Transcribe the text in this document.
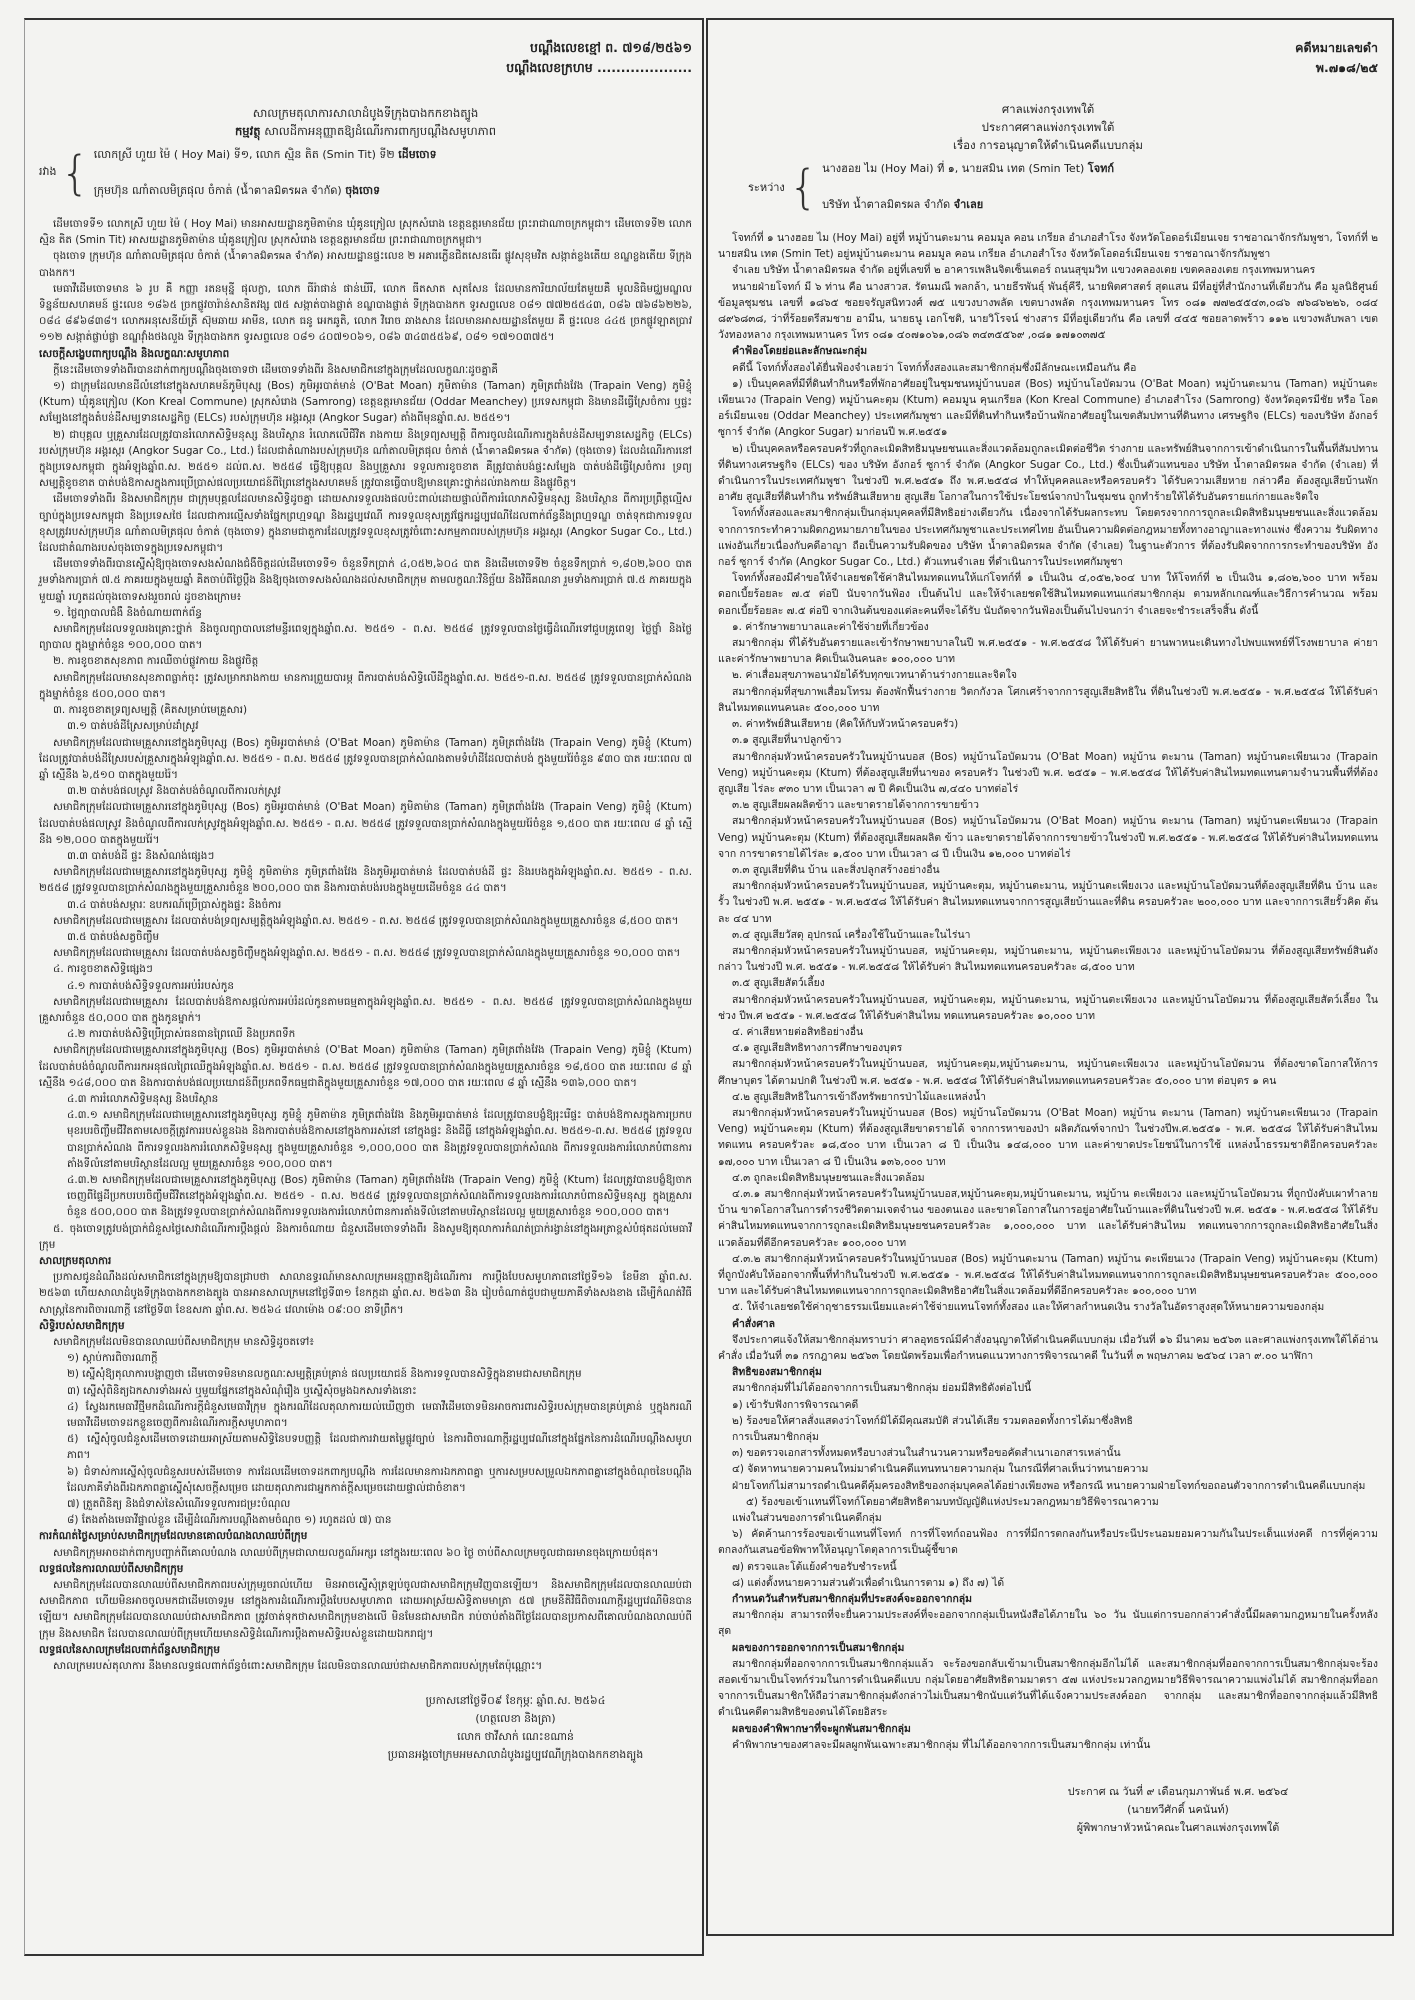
បណ្តឹងលេខខ្មៅ ព. ៧១៨/២៥៦១
បណ្តឹងលេខក្រហម ....................
សាលក្រមតុលាការសាលាដំបូងទីក្រុងបាងកកខាងត្បូង
កម្មវត្ថុ សាលដីកាអនុញ្ញាតឱ្យដំណើរការពាក្យបណ្តឹងសមូហភាព
រវាង { លោកស្រី ហួយ ម៉ៃ ( Hoy Mai) ទី១, លោក ស្មិន តិត (Smin Tit) ទី២ ដើមចោទ
ក្រុមហ៊ុន ណាំតាលមិត្រផុល ចំកាត់ (น้ำตาลมิตรผล จำกัด) ចុងចោទ

ដើមចោទទី១ លោកស្រី ហួយ ម៉ៃ ( Hoy Mai) មានអាសយដ្ឋានភូមិតាម៉ាន ឃុំគូនក្រៀល ស្រុកសំរោង ខេត្តឧត្តរមានជ័យ ព្រះរាជាណាចក្រកម្ពុជា។ ដើមចោទទី២ លោក ស្មិន តិត (Smin Tit) អាសយដ្ឋានភូមិតាម៉ាន ឃុំគូនក្រៀល ស្រុកសំរោង ខេត្តឧត្តរមានជ័យ ព្រះរាជាណាចក្រកម្ពុជា។

ចុងចោទ ក្រុមហ៊ុន ណាំតាលមិត្រផុល ចំកាត់ (น้ำตาลมิตรผล จำกัด) អាសយដ្ឋានផ្ទះលេខ ២ អគារភ្លើនជិតសេនធើរ ផ្លូវសុខុមវិត សង្កាត់ខ្លងតើយ ខណ្ឌខ្លងតើយ ទីក្រុងបាងកក។

មេធាវីដើមចោទមាន ៦ រូប គឺ កញ្ញា រតនមុន្នី ផុលក្លា, លោក ធីរ៉ាផាន់ ផាន់ឃីរី, លោក ធីតសាត សុតសែន ដែលមានការិយាល័យតែមួយគឺ មូលនិធិមជ្ឈមណ្ឌលទិន្នន័យសហគមន៍ ផ្ទះលេខ ១៨៦៥ ច្រកផ្លូវចារ៉ាន់សានិតវង្ស ៧៥ សង្កាត់បាងផ្លាត់ ខណ្ឌបាងផ្លាត់ ទីក្រុងបាងកក ទូរសព្ទលេខ ០៨១ ៧៧២៥៥៤៣, ០៨៦ ៧៦៨៦២២៦, ០៨៤ ៨៩៦៨៣៨។ លោកអនុសេនីយ៍ត្រី ស៊ុមឆាយ អាមីន, លោក ធនូ អេកឆូតិ, លោក វិរោច ឆាងសាន ដែលមានអាសយដ្ឋានតែមួយ គឺ ផ្ទះលេខ ៤៤៥ ច្រកផ្លូវឡាតប្រាវ ១១២ សង្កាត់ផ្លាប់ផ្លា ខណ្ឌវ៉ាំងថងលួង ទីក្រុងបាងកក ទូរសព្ទលេខ ០៨១ ៤០៧១០៦១, ០៨៦ ៣៤៣៥៥៦៩, ០៨១ ១៧១០៣៧៥។

សេចក្តីសង្ខេបពាក្យបណ្តឹង និងលក្ខណៈសមូហភាព

ក្តីនេះដើមចោទទាំងពីរបានដាក់ពាក្យបណ្តឹងចុងចោទថា ដើមចោទទាំងពីរ និងសមាជិកនៅក្នុងក្រុមដែលលក្ខណៈដូចគ្នាគឺ

១) ជាក្រុមដែលមានដីលំនៅនៅក្នុងសហគមន៍ភូមិបុស្ស (Bos) ភូមិអូរបាត់មាន់ (O'Bat Moan) ភូមិតាម៉ាន (Taman) ភូមិត្រពាំងវែង (Trapain Veng) ភូមិខ្ទុំ (Ktum) ឃុំគូនក្រៀល (Kon Kreal Commune) ស្រុកសំរោង (Samrong) ខេត្តឧត្តរមានជ័យ (Oddar Meanchey) ប្រទេសកម្ពុជា និងមានដីធ្វើស្រែចំការ ឬផ្ទះសម្បែងនៅក្នុងតំបន់ដីសម្បទានសេដ្ឋកិច្ច (ELCs) របស់ក្រុមហ៊ុន អង្គរស្ករ (Angkor Sugar) តាំងពីមុនឆ្នាំព.ស. ២៥៥១។

២) ជាបុគ្គល ឬគ្រួសារដែលត្រូវបានរំលោភសិទ្ធិមនុស្ស និងបរិស្ថាន រំលោភលើជីវិត រាងកាយ និងទ្រព្យសម្បត្តិ ពីការចូលដំណើរការក្នុងតំបន់ដីសម្បទានសេដ្ឋកិច្ច (ELCs) របស់ក្រុមហ៊ុន អង្គរស្ករ (Angkor Sugar Co., Ltd.) ដែលជាតំណាងរបស់ក្រុមហ៊ុន ណាំតាលមិត្រផុល ចំកាត់ (น้ำตาลมิตรผล จำกัด) (ចុងចោទ) ដែលដំណើរការនៅក្នុងប្រទេសកម្ពុជា ក្នុងអំឡុងឆ្នាំព.ស. ២៥៥១ ដល់ព.ស. ២៥៥៨ ធ្វើឱ្យបុគ្គល និងឬគ្រួសារ ទទួលការខូចខាត គឺត្រូវបាត់បង់ផ្ទះសម្បែង បាត់បង់ដីធ្វើស្រែចំការ ទ្រព្យសម្បត្តិខូចខាត បាត់បង់ឱកាសក្នុងការប្រើប្រាស់ផលប្រយោជន៍ពីព្រៃនៅក្នុងសហគមន៍ ត្រូវបានធ្វើបាបឱ្យមានគ្រោះថ្នាក់ដល់រាងកាយ និងផ្លូវចិត្ត។

ដើមចោទទាំងពីរ និងសមាជិកក្រុម ជាក្រុមបុគ្គលដែលមានសិទ្ធិដូចគ្នា ដោយសារទទួលរងផលប៉ះពាល់ដោយផ្ទាល់ពីការរំលោភសិទ្ធិមនុស្ស និងបរិស្ថាន ពីការប្រព្រឹត្តល្មើសច្បាប់ក្នុងប្រទេសកម្ពុជា និងប្រទេសថៃ ដែលជាការល្មើសទាំងផ្នែកព្រហ្មទណ្ឌ និងរដ្ឋប្បវេណី ការទទួលខុសត្រូវផ្នែករដ្ឋប្បវេណីដែលពាក់ព័ន្ធនឹងព្រហ្មទណ្ឌ ចាត់ទុកជាការទទួលខុសត្រូវរបស់ក្រុមហ៊ុន ណាំតាលមិត្រផុល ចំកាត់ (ចុងចោទ) ក្នុងនាមជាតួការដែលត្រូវទទួលខុសត្រូវចំពោះសកម្មភាពរបស់ក្រុមហ៊ុន អង្គរស្ករ (Angkor Sugar Co., Ltd.) ដែលជាតំណាងរបស់ចុងចោទក្នុងប្រទេសកម្ពុជា។

ដើមចោទទាំងពីរបានស្នើសុំឱ្យចុងចោទសងសំណងជំងឺចិត្តដល់ដើមចោទទី១ ចំនួនទឹកប្រាក់ ៤,០៥២,៦០៤ បាត និងដើមចោទទី២ ចំនួនទឹកប្រាក់ ១,៨០២,៦០០ បាត រួមទាំងការប្រាក់ ៧.៥ ភាគរយក្នុងមួយឆ្នាំ គិតចាប់ពីថ្ងៃប្តឹង និងឱ្យចុងចោទសងសំណងដល់សមាជិកក្រុម តាមលក្ខណៈវិនិច្ឆ័យ និងវិធីគណនា រួមទាំងការប្រាក់ ៧.៥ ភាគរយក្នុងមួយឆ្នាំ រហូតដល់ចុងចោទសងរួចរាល់ ដូចខាងក្រោម៖

១. ថ្លៃព្យាបាលជំងឺ និងចំណាយពាក់ព័ន្ធ

សមាជិកក្រុមដែលទទួលរងគ្រោះថ្នាក់ និងចូលព្យាបាលនៅមន្ទីរពេទ្យក្នុងឆ្នាំព.ស. ២៥៥១ - ព.ស. ២៥៥៨ ត្រូវទទួលបានថ្លៃធ្វើដំណើរទៅជួបគ្រូពេទ្យ ថ្លៃថ្នាំ និងថ្លៃព្យាបាល ក្នុងម្នាក់ចំនួន ១០០,០០០ បាត។

២. ការខូចខាតសុខភាព ការឈឺចាប់ផ្លូវកាយ និងផ្លូវចិត្ត

សមាជិកក្រុមដែលមានសុខភាពធ្លាក់ចុះ ត្រូវសម្រាករាងកាយ មានការព្រួយបារម្ភ ពីការបាត់បង់សិទ្ធិលើដីក្នុងឆ្នាំព.ស. ២៥៥១-ព.ស. ២៥៥៨ ត្រូវទទួលបានប្រាក់សំណងក្នុងម្នាក់ចំនួន ៥០០,០០០ បាត។

៣. ការខូចខាតទ្រព្យសម្បត្តិ (គិតសម្រាប់មេគ្រួសារ)

៣.១ បាត់បង់ដីស្រែសម្រាប់ដាំស្រូវ

សមាជិកក្រុមដែលជាមេគ្រួសារនៅក្នុងភូមិបុស្ស (Bos) ភូមិអូរបាត់មាន់ (O'Bat Moan) ភូមិតាម៉ាន (Taman) ភូមិត្រពាំងវែង (Trapain Veng) ភូមិខ្ទុំ (Ktum) ដែលត្រូវបាត់បង់ដីស្រែរបស់គ្រួសារក្នុងអំឡុងឆ្នាំព.ស. ២៥៥១ - ព.ស. ២៥៥៨ ត្រូវទទួលបានប្រាក់សំណងតាមទំហំដីដែលបាត់បង់ ក្នុងមួយរ៉ៃចំនួន ៩៣០ បាត រយៈពេល ៧ ឆ្នាំ ស្មើនឹង ៦,៥១០ បាតក្នុងមួយរ៉ៃ។

៣.២ បាត់បង់ផលស្រូវ និងបាត់បង់ចំណូលពីការលក់ស្រូវ

សមាជិកក្រុមដែលជាមេគ្រួសារនៅក្នុងភូមិបុស្ស (Bos) ភូមិអូរបាត់មាន់ (O'Bat Moan) ភូមិតាម៉ាន (Taman) ភូមិត្រពាំងវែង (Trapain Veng) ភូមិខ្ទុំ (Ktum) ដែលបាត់បង់ផលស្រូវ និងចំណូលពីការលក់ស្រូវក្នុងអំឡុងឆ្នាំព.ស. ២៥៥១ - ព.ស. ២៥៥៨ ត្រូវទទួលបានប្រាក់សំណងក្នុងមួយរ៉ៃចំនួន ១,៥០០ បាត រយៈពេល ៨ ឆ្នាំ ស្មើនឹង ១២,០០០ បាតក្នុងមួយរ៉ៃ។

៣.៣ បាត់បង់ដី ផ្ទះ និងសំណង់ផ្សេងៗ

សមាជិកក្រុមដែលជាមេគ្រួសារនៅក្នុងភូមិបុស្ស ភូមិខ្ទុំ ភូមិតាម៉ាន ភូមិត្រពាំងវែង និងភូមិអូរបាត់មាន់ ដែលបាត់បង់ដី ផ្ទះ និងរបងក្នុងអំឡុងឆ្នាំព.ស. ២៥៥១ - ព.ស. ២៥៥៨ ត្រូវទទួលបានប្រាក់សំណងក្នុងមួយគ្រួសារចំនួន ២០០,០០០ បាត និងការបាត់បង់របងក្នុងមួយដើមចំនួន ៤៤ បាត។

៣.៤ បាត់បង់សម្ភារៈ ឧបករណ៍ប្រើប្រាស់ក្នុងផ្ទះ និងចំការ

សមាជិកក្រុមដែលជាមេគ្រួសារ ដែលបាត់បង់ទ្រព្យសម្បត្តិក្នុងអំឡុងឆ្នាំព.ស. ២៥៥១ - ព.ស. ២៥៥៨ ត្រូវទទួលបានប្រាក់សំណងក្នុងមួយគ្រួសារចំនួន ៨,៥០០ បាត។

៣.៥ បាត់បង់សត្វចិញ្ចឹម

សមាជិកក្រុមដែលជាមេគ្រួសារ ដែលបាត់បង់សត្វចិញ្ចឹមក្នុងអំឡុងឆ្នាំព.ស. ២៥៥១ - ព.ស. ២៥៥៨ ត្រូវទទួលបានប្រាក់សំណងក្នុងមួយគ្រួសារចំនួន ១០,០០០ បាត។

៤. ការខូចខាតសិទ្ធិផ្សេងៗ

៤.១ ការបាត់បង់សិទ្ធិទទួលការអប់រំរបស់កូន

សមាជិកក្រុមដែលជាមេគ្រួសារ ដែលបាត់បង់ឱកាសផ្តល់ការអប់រំដល់កូនតាមធម្មតាក្នុងអំឡុងឆ្នាំព.ស. ២៥៥១ - ព.ស. ២៥៥៨ ត្រូវទទួលបានប្រាក់សំណងក្នុងមួយគ្រួសារចំនួន ៥០,០០០ បាត ក្នុងកូនម្នាក់។

៤.២ ការបាត់បង់សិទ្ធិប្រើប្រាស់ធនធានព្រៃឈើ និងប្រភពទឹក

សមាជិកក្រុមដែលជាមេគ្រួសារនៅក្នុងភូមិបុស្ស (Bos) ភូមិអូរបាត់មាន់ (O'Bat Moan) ភូមិតាម៉ាន (Taman) ភូមិត្រពាំងវែង (Trapain Veng) ភូមិខ្ទុំ (Ktum) ដែលបាត់បង់ចំណូលពីការរកអនុផលព្រៃឈើក្នុងអំឡុងឆ្នាំព.ស. ២៥៥១ - ព.ស. ២៥៥៨ ត្រូវទទួលបានប្រាក់សំណងក្នុងមួយគ្រួសារចំនួន ១៨,៥០០ បាត រយៈពេល ៨ ឆ្នាំ ស្មើនឹង ១៤៨,០០០ បាត និងការបាត់បង់ផលប្រយោជន៍ពីប្រភពទឹកធម្មជាតិក្នុងមួយគ្រួសារចំនួន ១៧,០០០ បាត រយៈពេល ៨ ឆ្នាំ ស្មើនឹង ១៣៦,០០០ បាត។

៤.៣ ការរំលោភសិទ្ធិមនុស្ស និងបរិស្ថាន

៤.៣.១ សមាជិកក្រុមដែលជាមេគ្រួសារនៅក្នុងភូមិបុស្ស ភូមិខ្ទុំ ភូមិតាម៉ាន ភូមិត្រពាំងវែង និងភូមិអូរបាត់មាន់ ដែលត្រូវបានបង្ខំឱ្យរុះរើផ្ទះ បាត់បង់ឱកាសក្នុងការប្រកបមុខរបរចិញ្ចឹមជីវិតតាមសេចក្តីត្រូវការរបស់ខ្លួនឯង និងការបាត់បង់ឱកាសនៅក្នុងការរស់នៅ នៅក្នុងផ្ទះ និងដីធ្លី នៅក្នុងអំឡុងឆ្នាំព.ស. ២៥៥១-ព.ស. ២៥៥៨ ត្រូវទទួលបានប្រាក់សំណង ពីការទទួលរងការរំលោភសិទ្ធិមនុស្ស ក្នុងមួយគ្រួសារចំនួន ១,០០០,០០០ បាត និងត្រូវទទួលបានប្រាក់សំណង ពីការទទួលរងការរំលោភបំពានការតាំងទីលំនៅតាមបរិស្ថានដែលល្អ មួយគ្រួសារចំនួន ១០០,០០០ បាត។

៤.៣.២ សមាជិកក្រុមដែលជាមេគ្រួសារនៅក្នុងភូមិបុស្ស (Bos) ភូមិតាម៉ាន (Taman) ភូមិត្រពាំងវែង (Trapain Veng) ភូមិខ្ទុំ (Ktum) ដែលត្រូវបានបង្ខំឱ្យចាកចេញពីផ្ទៃដីប្រកបរបរចិញ្ចឹមជីវិតនៅក្នុងអំឡុងឆ្នាំព.ស. ២៥៥១ - ព.ស. ២៥៥៨ ត្រូវទទួលបានប្រាក់សំណងពីការទទួលរងការរំលោភបំពានសិទ្ធិមនុស្ស ក្នុងគ្រួសារចំនួន ៥០០,០០០ បាត និងត្រូវទទួលបានប្រាក់សំណងពីការទទួលរងការរំលោភបំពានការតាំងទីលំនៅតាមបរិស្ថានដែលល្អ មួយគ្រួសារចំនួន ១០០,០០០ បាត។

៥. ចុងចោទត្រូវបង់ប្រាក់ជំនួសថ្លៃសេវាដំណើរការប្តឹងផ្តល់ និងការចំណាយ ជំនួសដើមចោទទាំងពីរ និងសូមឱ្យតុលាការកំណត់ប្រាក់រង្វាន់នៅក្នុងអត្រាខ្ពស់បំផុតដល់មេធាវីក្រុម

សាលក្រមតុលាការ

ប្រកាសជូនដំណឹងដល់សមាជិកនៅក្នុងក្រុមឱ្យបានជ្រាបថា សាលាឧទ្ធរណ៍មានសាលក្រមអនុញ្ញាតឱ្យដំណើរការ ការប្តឹងបែបសមូហភាពនៅថ្ងៃទី១៦ ខែមីនា ឆ្នាំព.ស. ២៥៦៣ ហើយសាលាដំបូងទីក្រុងបាងកកខាងត្បូង បានអានសាលក្រមនៅថ្ងៃទី៣១ ខែកក្កដា ឆ្នាំព.ស. ២៥៦៣ និង រៀបចំណាត់ជួបជាមួយភាគីទាំងសងខាង ដើម្បីកំណត់វិធីសាស្ត្រនៃការពិចារណាក្តី នៅថ្ងៃទី៣ ខែឧសភា ឆ្នាំព.ស. ២៥៦៤ វេលាម៉ោង ០៩:០០ នាទីព្រឹក។

សិទ្ធិរបស់សមាជិកក្រុម

សមាជិកក្រុមដែលមិនបានលាឈប់ពីសមាជិកក្រុម មានសិទ្ធិដូចតទៅ៖

១) ស្តាប់ការពិចារណាក្តី

២) ស្នើសុំឱ្យតុលាការបង្ហាញថា ដើមចោទមិនមានលក្ខណៈសម្បត្តិគ្រប់គ្រាន់ ផលប្រយោជន៍ និងការទទួលបានសិទ្ធិក្នុងនាមជាសមាជិកក្រុម

៣) ស្នើសុំពិនិត្យឯកសារទាំងអស់ ឬមួយផ្នែកនៅក្នុងសំណុំរឿង ឬស្នើសុំចម្លងឯកសារទាំងនោះ

៤) ស្វែងរកមេធាវីថ្មីមកដំណើរការក្តីជំនួសមេធាវីក្រុម ក្នុងករណីដែលតុលាការយល់ឃើញថា មេធាវីដើមចោទមិនអាចការពារសិទ្ធិរបស់ក្រុមបានគ្រប់គ្រាន់ ឬក្នុងករណីមេធាវីដើមចោទដកខ្លួនចេញពីការដំណើរការក្តីសមូហភាព។

៥) ស្នើសុំចូលជំនួសដើមចោទដោយអាស្រ័យតាមសិទ្ធិនៃបទបញ្ញត្តិ ដែលជាការវាយតម្លៃផ្លូវច្បាប់ នៃការពិចារណាក្តីរដ្ឋប្បវេណីនៅក្នុងផ្នែកនៃការដំណើរបណ្តឹងសមូហភាព។

៦) ជំទាស់ការស្នើសុំចូលជំនួសរបស់ដើមចោទ ការដែលដើមចោទដកពាក្យបណ្តឹង ការដែលមានការឯកភាពគ្នា ឬការសម្របសម្រួលឯកភាពគ្នានៅក្នុងចំណុចនៃបណ្តឹង ដែលភាគីទាំងពីរឯកភាពគ្នាស្នើសុំសេចក្តីសម្រេច ដោយតុលាការជាអ្នកកាត់ក្តីសម្រេចដោយផ្ទាល់ជាចំខាត។

៧) ត្រួតពិនិត្យ និងជំទាស់នៃសំណើរទទួលការជម្រះបំណុល

៨) តែងតាំងមេធាវីផ្ទាល់ខ្លួន ដើម្បីដំណើរការបណ្តឹងតាមចំណុច ១) រហូតដល់ ៧) បាន

ការកំណត់ថ្ងៃសម្រាប់សមាជិកក្រុមដែលមានគោលបំណងលាឈប់ពីក្រុម

សមាជិកក្រុមអាចដាក់ពាក្យបញ្ជាក់ពីគោលបំណង លាឈប់ពីក្រុមជាលាយលក្ខណ៍អក្សរ នៅក្នុងរយៈពេល ៦០ ថ្ងៃ ចាប់ពីសាលក្រមចូលជាធរមានចុងក្រោយបំផុត។

លទ្ធផលនៃការលាឈប់ពីសមាជិកក្រុម

សមាជិកក្រុមដែលបានលាឈប់ពីសមាជិកភាពរបស់ក្រុមរួចរាល់ហើយ មិនអាចស្នើសុំត្រឡប់ចូលជាសមាជិកក្រុមវិញបានឡើយ។ និងសមាជិកក្រុមដែលបានលាឈប់ជាសមាជិកភាព ហើយមិនអាចចូលមកជាដើមចោទរួម នៅក្នុងការដំណើរការប្តឹងបែបសមូហភាព ដោយអាស្រ័យសិទ្ធិតាមមាត្រា ៥៧ ក្រមនីតិវិធីពិចារណាក្តីរដ្ឋប្បវេណីមិនបានឡើយ។ សមាជិកក្រុមដែលបានលាឈប់ជាសមាជិកភាព ត្រូវចាត់ទុកថាសមាជិកក្រុមខាងលើ មិនមែនជាសមាជិក រាប់ចាប់តាំងពីថ្ងៃដែលបានប្រកាសពីគោលបំណងលាឈប់ពីក្រុម និងសមាជិក ដែលបានលាឈប់ពីក្រុមហើយមានសិទ្ធិដំណើរការប្តឹងតាមសិទ្ធិរបស់ខ្លួនដោយឯករាជ្យ។

លទ្ធផលនៃសាលក្រមដែលពាក់ព័ន្ធសមាជិកក្រុម

សាលក្រមរបស់តុលាការ នឹងមានលទ្ធផលពាក់ព័ន្ធចំពោះសមាជិកក្រុម ដែលមិនបានលាឈប់ជាសមាជិកភាពរបស់ក្រុមតែប៉ុណ្ណោះ។

ប្រកាសនៅថ្ងៃទី០៩ ខែកុម្ភៈ ឆ្នាំព.ស. ២៥៦៤
(ហត្ថលេខា និងត្រា)
លោក ថាវីសាក់ ណេះខណាន់
ប្រធានអង្គចៅក្រមអមសាលាដំបូងរដ្ឋប្បវេណីក្រុងបាងកកខាងត្បូង
คดีหมายเลขดำ
พ.๗๑๘/๒๕
ศาลแพ่งกรุงเทพใต้
ประกาศศาลแพ่งกรุงเทพใต้
เรื่อง การอนุญาตให้ดำเนินคดีแบบกลุ่ม
ระหว่าง { นางฮอย ไม (Hoy Mai) ที่ ๑, นายสมิน เทต (Smin Tet) โจทก์
บริษัท น้ำตาลมิตรผล จำกัด จำเลย

โจทก์ที่ ๑ นางฮอย ไม (Hoy Mai) อยู่ที่ หมู่บ้านตะมาน คอมมูล คอน เกรียล อำเภอสำโรง จังหวัดโอดอร์เมียนเจย ราชอาณาจักรกัมพูชา, โจทก์ที่ ๒ นายสมิน เทต (Smin Tet) อยู่หมู่บ้านตะมาน คอมมูล คอน เกรียล อำเภอสำโรง จังหวัดโอดอร์เมียนเจย ราชอาณาจักรกัมพูชา

จำเลย บริษัท น้ำตาลมิตรผล จำกัด อยู่ที่เลขที่ ๒ อาคารเพลินจิตเซ็นเตอร์ ถนนสุขุมวิท แขวงคลองเตย เขตคลองเตย กรุงเทพมหานคร

หนายฝ่ายโจทก์ มี ๖ ท่าน คือ นางสาวส. รัตนมณี พลกล้า, นายธีรพันธุ์ พันธุ์คีรี, นายพิตศาสตร์ สุดแสน มีที่อยู่ที่สำนักงานที่เดียวกัน คือ มูลนิธิศูนย์ข้อมูลชุมชน เลขที่ ๑๘๖๕ ซอยจรัญสนิทวงศ์ ๗๕ แขวงบางพลัด เขตบางพลัด กรุงเทพมหานคร โทร ๐๘๑ ๗๗๒๕๕๔๓,๐๘๖ ๗๖๘๖๒๒๖, ๐๘๔ ๘๙๖๘๓๘, ว่าที่ร้อยตรีสมชาย อามีน, นายธนู เอกโชติ, นายวิโรจน์ ช่างสาร มีที่อยู่เดียวกัน คือ เลขที่ ๔๔๕ ซอยลาดพร้าว ๑๑๒ แขวงพลับพลา เขตวังทองหลาง กรุงเทพมหานคร โทร ๐๘๑ ๔๐๗๑๐๖๑,๐๘๖ ๓๔๓๕๕๖๙ ,๐๘๑ ๑๗๑๐๓๗๕

คำฟ้องโดยย่อและลักษณะกลุ่ม

คดีนี้ โจทก์ทั้งสองได้ยื่นฟ้องจำเลยว่า โจทก์ทั้งสองและสมาชิกกลุ่มซึ่งมีลักษณะเหมือนกัน คือ

๑) เป็นบุคคลที่มีที่ดินทำกินหรือที่พักอาศัยอยู่ในชุมชนหมู่บ้านบอส (Bos) หมู่บ้านโอบัดมวน (O'Bat Moan) หมู่บ้านตะมาน (Taman) หมู่บ้านตะเพียนเวง (Trapain Veng) หมู่บ้านคะตุม (Ktum) คอมมูน คุนเกรียล (Kon Kreal Commune) อำเภอสำโรง (Samrong) จังหวัดอุดรมีชัย หรือ โอดอร์เมียนเจย (Oddar Meanchey) ประเทศกัมพูชา และมีที่ดินทำกินหรือบ้านพักอาศัยอยู่ในเขตสัมปทานที่ดินทาง เศรษฐกิจ (ELCs) ของบริษัท อังกอร์ ซูการ์ จำกัด (Angkor Sugar) มาก่อนปี พ.ศ.๒๕๕๑

๒) เป็นบุคคลหรือครอบครัวที่ถูกละเมิดสิทธิมนุษยชนและสิ่งแวดล้อมถูกละเมิดต่อชีวิต ร่างกาย และทรัพย์สินจากการเข้าดำเนินการในพื้นที่สัมปทานที่ดินทางเศรษฐกิจ (ELCs) ของ บริษัท อังกอร์ ซูการ์ จำกัด (Angkor Sugar Co., Ltd.) ซึ่งเป็นตัวแทนของ บริษัท น้ำตาลมิตรผล จำกัด (จำเลย) ที่ดำเนินการในประเทศกัมพูชา ในช่วงปี พ.ศ.๒๕๕๑ ถึง พ.ศ.๒๕๕๘ ทำให้บุคคลและหรือครอบครัว ได้รับความเสียหาย กล่าวคือ ต้องสูญเสียบ้านพักอาศัย สูญเสียที่ดินทำกิน ทรัพย์สินเสียหาย สูญเสีย โอกาสในการใช้ประโยชน์จากป่าในชุมชน ถูกทำร้ายให้ได้รับอันตรายแก่กายและจิตใจ

โจทก์ทั้งสองและสมาชิกกลุ่มเป็นกลุ่มบุคคลที่มีสิทธิอย่างเดียวกัน เนื่องจากได้รับผลกระทบ โดยตรงจากการถูกละเมิดสิทธิมนุษยชนและสิ่งแวดล้อม จากการกระทำความผิดกฎหมายภายในของ ประเทศกัมพูชาและประเทศไทย อันเป็นความผิดต่อกฎหมายทั้งทางอาญาและทางแพ่ง ซึ่งความ รับผิดทางแพ่งอันเกี่ยวเนื่องกับคดีอาญา ถือเป็นความรับผิดของ บริษัท น้ำตาลมิตรผล จำกัด (จำเลย) ในฐานะตัวการ ที่ต้องรับผิดจากการกระทำของบริษัท อังกอร์ ซูการ์ จำกัด (Angkor Sugar Co., Ltd.) ตัวแทนจำเลย ที่ดำเนินการในประเทศกัมพูชา

โจทก์ทั้งสองมีคำขอให้จำเลยชดใช้ค่าสินไหมทดแทนให้แก่โจทก์ที่ ๑ เป็นเงิน ๔,๐๕๒,๖๐๔ บาท ให้โจทก์ที่ ๒ เป็นเงิน ๑,๘๐๒,๖๐๐ บาท พร้อมดอกเบี้ยร้อยละ ๗.๕ ต่อปี นับจากวันฟ้อง เป็นต้นไป และให้จำเลยชดใช้สินไหมทดแทนแก่สมาชิกกลุ่ม ตามหลักเกณฑ์และวิธีการคำนวณ พร้อมดอกเบี้ยร้อยละ ๗.๕ ต่อปี จากเงินต้นของแต่ละคนที่จะได้รับ นับถัดจากวันฟ้องเป็นต้นไปจนกว่า จำเลยจะชำระเสร็จสิ้น ดังนี้

๑. ค่ารักษาพยาบาลและค่าใช้จ่ายที่เกี่ยวข้อง

สมาชิกกลุ่ม ที่ได้รับอันตรายและเข้ารักษาพยาบาลในปี พ.ศ.๒๕๕๑ - พ.ศ.๒๕๕๘ ให้ได้รับค่า ยานพาหนะเดินทางไปพบแพทย์ที่โรงพยาบาล ค่ายา และค่ารักษาพยาบาล คิดเป็นเงินคนละ ๑๐๐,๐๐๐ บาท

๒. ค่าเสื่อมสุขภาพอนามัยได้รับทุกขเวทนาด้านร่างกายและจิตใจ

สมาชิกกลุ่มที่สุขภาพเสื่อมโทรม ต้องพักฟื้นร่างกาย วิตกกังวล โศกเศร้าจากการสูญเสียสิทธิใน ที่ดินในช่วงปี พ.ศ.๒๕๕๑ - พ.ศ.๒๕๕๘ ให้ได้รับค่าสินไหมทดแทนคนละ ๕๐๐,๐๐๐ บาท

๓. ค่าทรัพย์สินเสียหาย (คิดให้กับหัวหน้าครอบครัว)

๓.๑ สูญเสียที่นาปลูกข้าว

สมาชิกกลุ่มหัวหน้าครอบครัวในหมู่บ้านบอส (Bos) หมู่บ้านโอบัดมวน (O'Bat Moan) หมู่บ้าน ตะมาน (Taman) หมู่บ้านตะเพียนเวง (Trapain Veng) หมู่บ้านคะตุม (Ktum) ที่ต้องสูญเสียที่นาของ ครอบครัว ในช่วงปี พ.ศ. ๒๕๕๑ – พ.ศ.๒๕๕๘ ให้ได้รับค่าสินไหมทดแทนตามจำนวนพื้นที่ที่ต้อง สูญเสีย ไร่ละ ๙๓๐ บาท เป็นเวลา ๗ ปี คิดเป็นเงิน ๗,๔๔๐ บาทต่อไร่

๓.๒ สูญเสียผลผลิตข้าว และขาดรายได้จากการขายข้าว

สมาชิกกลุ่มหัวหน้าครอบครัวในหมู่บ้านบอส (Bos) หมู่บ้านโอบัดมวน (O'Bat Moan) หมู่บ้าน ตะมาน (Taman) หมู่บ้านตะเพียนเวง (Trapain Veng) หมู่บ้านคะตุม (Ktum) ที่ต้องสูญเสียผลผลิต ข้าว และขาดรายได้จากการขายข้าวในช่วงปี พ.ศ.๒๕๕๑ - พ.ศ.๒๕๕๘ ให้ได้รับค่าสินไหมทดแทนจาก การขาดรายได้ไร่ละ ๑,๕๐๐ บาท เป็นเวลา ๘ ปี เป็นเงิน ๑๒,๐๐๐ บาทต่อไร่

๓.๓ สูญเสียที่ดิน บ้าน และสิ่งปลูกสร้างอย่างอื่น

สมาชิกกลุ่มหัวหน้าครอบครัวในหมู่บ้านบอส, หมู่บ้านคะตุม, หมู่บ้านตะมาน, หมู่บ้านตะเพียงเวง และหมู่บ้านโอบัดมวนที่ต้องสูญเสียที่ดิน บ้าน และรั้ว ในช่วงปี พ.ศ. ๒๕๕๑ - พ.ศ.๒๕๕๘ ให้ได้รับค่า สินไหมทดแทนจากการสูญเสียบ้านและที่ดิน ครอบครัวละ ๒๐๐,๐๐๐ บาท และจากการเสียรั้วคิด ต้นละ ๔๔ บาท

๓.๔ สูญเสียวัสดุ อุปกรณ์ เครื่องใช้ในบ้านและในไร่นา

สมาชิกกลุ่มหัวหน้าครอบครัวในหมู่บ้านบอส, หมู่บ้านคะตุม, หมู่บ้านตะมาน, หมู่บ้านตะเพียงเวง และหมู่บ้านโอบัดมวน ที่ต้องสูญเสียทรัพย์สินดังกล่าว ในช่วงปี พ.ศ. ๒๕๕๑ - พ.ศ.๒๕๕๘ ให้ได้รับค่า สินไหมทดแทนครอบครัวละ ๘,๕๐๐ บาท

๓.๕ สูญเสียสัตว์เลี้ยง

สมาชิกกลุ่มหัวหน้าครอบครัวในหมู่บ้านบอส, หมู่บ้านคะตุม, หมู่บ้านตะมาน, หมู่บ้านตะเพียงเวง และหมู่บ้านโอบัดมวน ที่ต้องสูญเสียสัตว์เลี้ยง ในช่วง ปีพ.ศ ๒๕๕๑ - พ.ศ.๒๕๕๘ ให้ได้รับค่าสินไหม ทดแทนครอบครัวละ ๑๐,๐๐๐ บาท

๔. ค่าเสียหายต่อสิทธิอย่างอื่น

๔.๑ สูญเสียสิทธิทางการศึกษาของบุตร

สมาชิกกลุ่มหัวหน้าครอบครัวในหมู่บ้านบอส, หมู่บ้านคะตุม,หมู่บ้านตะมาน, หมู่บ้านตะเพียงเวง และหมู่บ้านโอบัดมวน ที่ต้องขาดโอกาสให้การศึกษาบุตร ได้ตามปกติ ในช่วงปี พ.ศ. ๒๕๕๑ - พ.ศ. ๒๕๕๘ ให้ได้รับค่าสินไหมทดแทนครอบครัวละ ๕๐,๐๐๐ บาท ต่อบุตร ๑ คน

๔.๒ สูญเสียสิทธิในการเข้าถึงทรัพยากรป่าไม้และแหล่งน้ำ

สมาชิกกลุ่มหัวหน้าครอบครัวในหมู่บ้านบอส (Bos) หมู่บ้านโอบัดมวน (O'Bat Moan) หมู่บ้าน ตะมาน (Taman) หมู่บ้านตะเพียนเวง (Trapain Veng) หมู่บ้านคะตุม (Ktum) ที่ต้องสูญเสียขาดรายได้ จากการหาของป่า ผลิตภัณฑ์จากป่า ในช่วงปีพ.ศ.๒๕๕๑ - พ.ศ. ๒๕๕๘ ให้ได้รับค่าสินไหมทดแทน ครอบครัวละ ๑๘,๕๐๐ บาท เป็นเวลา ๘ ปี เป็นเงิน ๑๔๘,๐๐๐ บาท และค่าขาดประโยชน์ในการใช้ แหล่งน้ำธรรมชาติอีกครอบครัวละ ๑๗,๐๐๐ บาท เป็นเวลา ๘ ปี เป็นเงิน ๑๓๖,๐๐๐ บาท

๔.๓ ถูกละเมิดสิทธิมนุษยชนและสิ่งแวดล้อม

๔.๓.๑ สมาชิกกลุ่มหัวหน้าครอบครัวในหมู่บ้านบอส,หมู่บ้านคะตุม,หมู่บ้านตะมาน, หมู่บ้าน ตะเพียงเวง และหมู่บ้านโอบัดมวน ที่ถูกบังคับเผาทำลายบ้าน ขาดโอกาสในการดำรงชีวิตตามเจตจำนง ของตนเอง และขาดโอกาสในการอยู่อาศัยในบ้านและที่ดินในช่วงปี พ.ศ. ๒๕๕๑ - พ.ศ.๒๕๕๘ ให้ได้รับค่าสินไหมทดแทนจากการถูกละเมิดสิทธิมนุษยชนครอบครัวละ ๑,๐๐๐,๐๐๐ บาท และได้รับค่าสินไหม ทดแทนจากการถูกละเมิดสิทธิอาศัยในสิ่งแวดล้อมที่ดีอีกครอบครัวละ ๑๐๐,๐๐๐ บาท

๔.๓.๒ สมาชิกกลุ่มหัวหน้าครอบครัวในหมู่บ้านบอส (Bos) หมู่บ้านตะมาน (Taman) หมู่บ้าน ตะเพียนเวง (Trapain Veng) หมู่บ้านคะตุม (Ktum) ที่ถูกบังคับให้ออกจากพื้นที่ทำกินในช่วงปี พ.ศ.๒๕๕๑ - พ.ศ.๒๕๕๘ ให้ได้รับค่าสินไหมทดแทนจากการถูกละเมิดสิทธิมนุษยชนครอบครัวละ ๕๐๐,๐๐๐ บาท และได้รับค่าสินไหมทดแทนจากการถูกละเมิดสิทธิอาศัยในสิ่งแวดล้อมที่ดีอีกครอบครัวละ ๑๐๐,๐๐๐ บาท

๕. ให้จำเลยชดใช้ค่าฤชาธรรมเนียมและค่าใช้จ่ายแทนโจทก์ทั้งสอง และให้ศาลกำหนดเงิน รางวัลในอัตราสูงสุดให้หนายความของกลุ่ม

คำสั่งศาล

จึงประกาศแจ้งให้สมาชิกกลุ่มทราบว่า ศาลอุทธรณ์มีคำสั่งอนุญาตให้ดำเนินคดีแบบกลุ่ม เมื่อวันที่ ๑๖ มีนาคม ๒๕๖๓ และศาลแพ่งกรุงเทพใต้ได้อ่านคำสั่ง เมื่อวันที่ ๓๑ กรกฎาคม ๒๕๖๓ โดยนัดพร้อมเพื่อกำหนดแนวทางการพิจารณาคดี ในวันที่ ๓ พฤษภาคม ๒๕๖๔ เวลา ๙.๐๐ นาฬิกา

สิทธิของสมาชิกกลุ่ม

สมาชิกกลุ่มที่ไม่ได้ออกจากการเป็นสมาชิกกลุ่ม ย่อมมีสิทธิดังต่อไปนี้

๑) เข้ารับฟังการพิจารณาคดี

๒) ร้องขอให้ศาลสั่งแสดงว่าโจทก์มิได้มีคุณสมบัติ ส่วนได้เสีย รวมตลอดทั้งการได้มาซึ่งสิทธิ

การเป็นสมาชิกกลุ่ม

๓) ขอตรวจเอกสารทั้งหมดหรือบางส่วนในสำนวนความหรือขอคัดสำเนาเอกสารเหล่านั้น

๔) จัดหาทนายความคนใหม่มาดำเนินคดีแทนทนายความกลุ่ม ในกรณีที่ศาลเห็นว่าทนายความ

ฝ่ายโจทก์ไม่สามารถดำเนินคดีคุ้มครองสิทธิของกลุ่มบุคคลได้อย่างเพียงพอ หรือกรณี หนายความฝ่ายโจทก์ขอถอนตัวจากการดำเนินคดีแบบกลุ่ม

๕) ร้องขอเข้าแทนที่โจทก์โดยอาศัยสิทธิตามบทบัญญัติแห่งประมวลกฎหมายวิธีพิจารณาความ

แพ่งในส่วนของการดำเนินคดีกลุ่ม

๖) คัดค้านการร้องขอเข้าแทนที่โจทก์ การที่โจทก์ถอนฟ้อง การที่มีการตกลงกันหรือประนีประนอมยอมความกันในประเด็นแห่งคดี การที่คู่ความตกลงกันเสนอข้อพิพาทให้อนุญาโตตุลาการเป็นผู้ชี้ขาด

๗) ตรวจและโต้แย้งคำขอรับชำระหนี้

๘) แต่งตั้งหนายความส่วนตัวเพื่อดำเนินการตาม ๑) ถึง ๗) ได้

กำหนดวันสำหรับสมาชิกกลุ่มที่ประสงค์จะออกจากกลุ่ม

สมาชิกกลุ่ม สามารถที่จะยื่นความประสงค์ที่จะออกจากกลุ่มเป็นหนังสือได้ภายใน ๖๐ วัน นับแต่การบอกกล่าวคำสั่งนี้มีผลตามกฎหมายในครั้งหลังสุด

ผลของการออกจากการเป็นสมาชิกกลุ่ม

สมาชิกกลุ่มที่ออกจากการเป็นสมาชิกกลุ่มแล้ว จะร้องขอกลับเข้ามาเป็นสมาชิกกลุ่มอีกไม่ได้ และสมาชิกกลุ่มที่ออกจากการเป็นสมาชิกกลุ่มจะร้องสอดเข้ามาเป็นโจทก์ร่วมในการดำเนินคดีแบบ กลุ่มโดยอาศัยสิทธิตามมาตรา ๕๗ แห่งประมวลกฎหมายวิธีพิจารณาความแพ่งไม่ได้ สมาชิกกลุ่มที่ออก จากการเป็นสมาชิกให้ถือว่าสมาชิกกลุ่มดังกล่าวไม่เป็นสมาชิกนับแต่วันที่ได้แจ้งความประสงค์ออก จากกลุ่ม และสมาชิกที่ออกจากกลุ่มแล้วมีสิทธิดำเนินคดีตามสิทธิของตนได้โดยอิสระ

ผลของคำพิพากษาที่จะผูกพันสมาชิกกลุ่ม

คำพิพากษาของศาลจะมีผลผูกพันเฉพาะสมาชิกกลุ่ม ที่ไม่ได้ออกจากการเป็นสมาชิกกลุ่ม เท่านั้น

ประกาศ ณ วันที่ ๙ เดือนกุมภาพันธ์ พ.ศ. ๒๕๖๔
(นายทวีศักดิ์ นคนันท์)
ผู้พิพากษาหัวหน้าคณะในศาลแพ่งกรุงเทพใต้
